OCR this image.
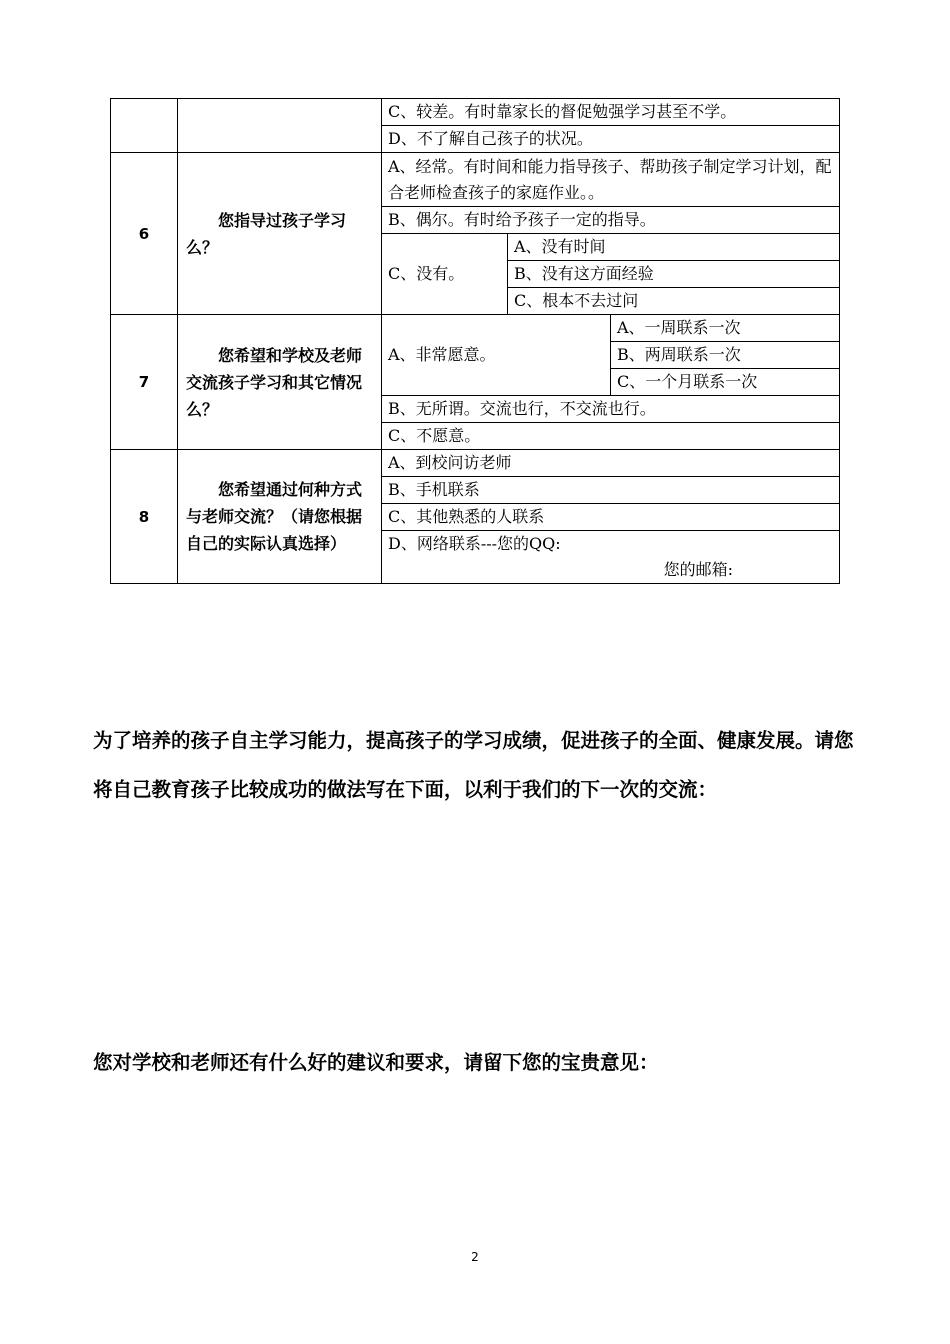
		C、较差。有时靠家长的督促勉强学习甚至不学。		
		D、不了解自己孩子的状况。		
6	您指导过孩子学习么？	A、经常。有时间和能力指导孩子、帮助孩子制定学习计划，配合老师检查孩子的家庭作业。。		
		B、偶尔。有时给予孩子一定的指导。		
		C、没有。	A、没有时间	
			B、没有这方面经验	
			C、根本不去过问	
7	您希望和学校及老师交流孩子学习和其它情况么？	A、非常愿意。		A、一周联系一次
				B、两周联系一次
				C、一个月联系一次
		B、无所谓。交流也行，不交流也行。		
		C、不愿意。		
8	您希望通过何种方式与老师交流？（请您根据自己的实际认真选择）	A、到校问访老师		
		B、手机联系		
		C、其他熟悉的人联系		
		D、网络联系---您的QQ:
您的邮箱:		

为了培养的孩子自主学习能力，提高孩子的学习成绩，促进孩子的全面、健康发展。请您将自己教育孩子比较成功的做法写在下面，以利于我们的下一次的交流：

您对学校和老师还有什么好的建议和要求，请留下您的宝贵意见：

2
